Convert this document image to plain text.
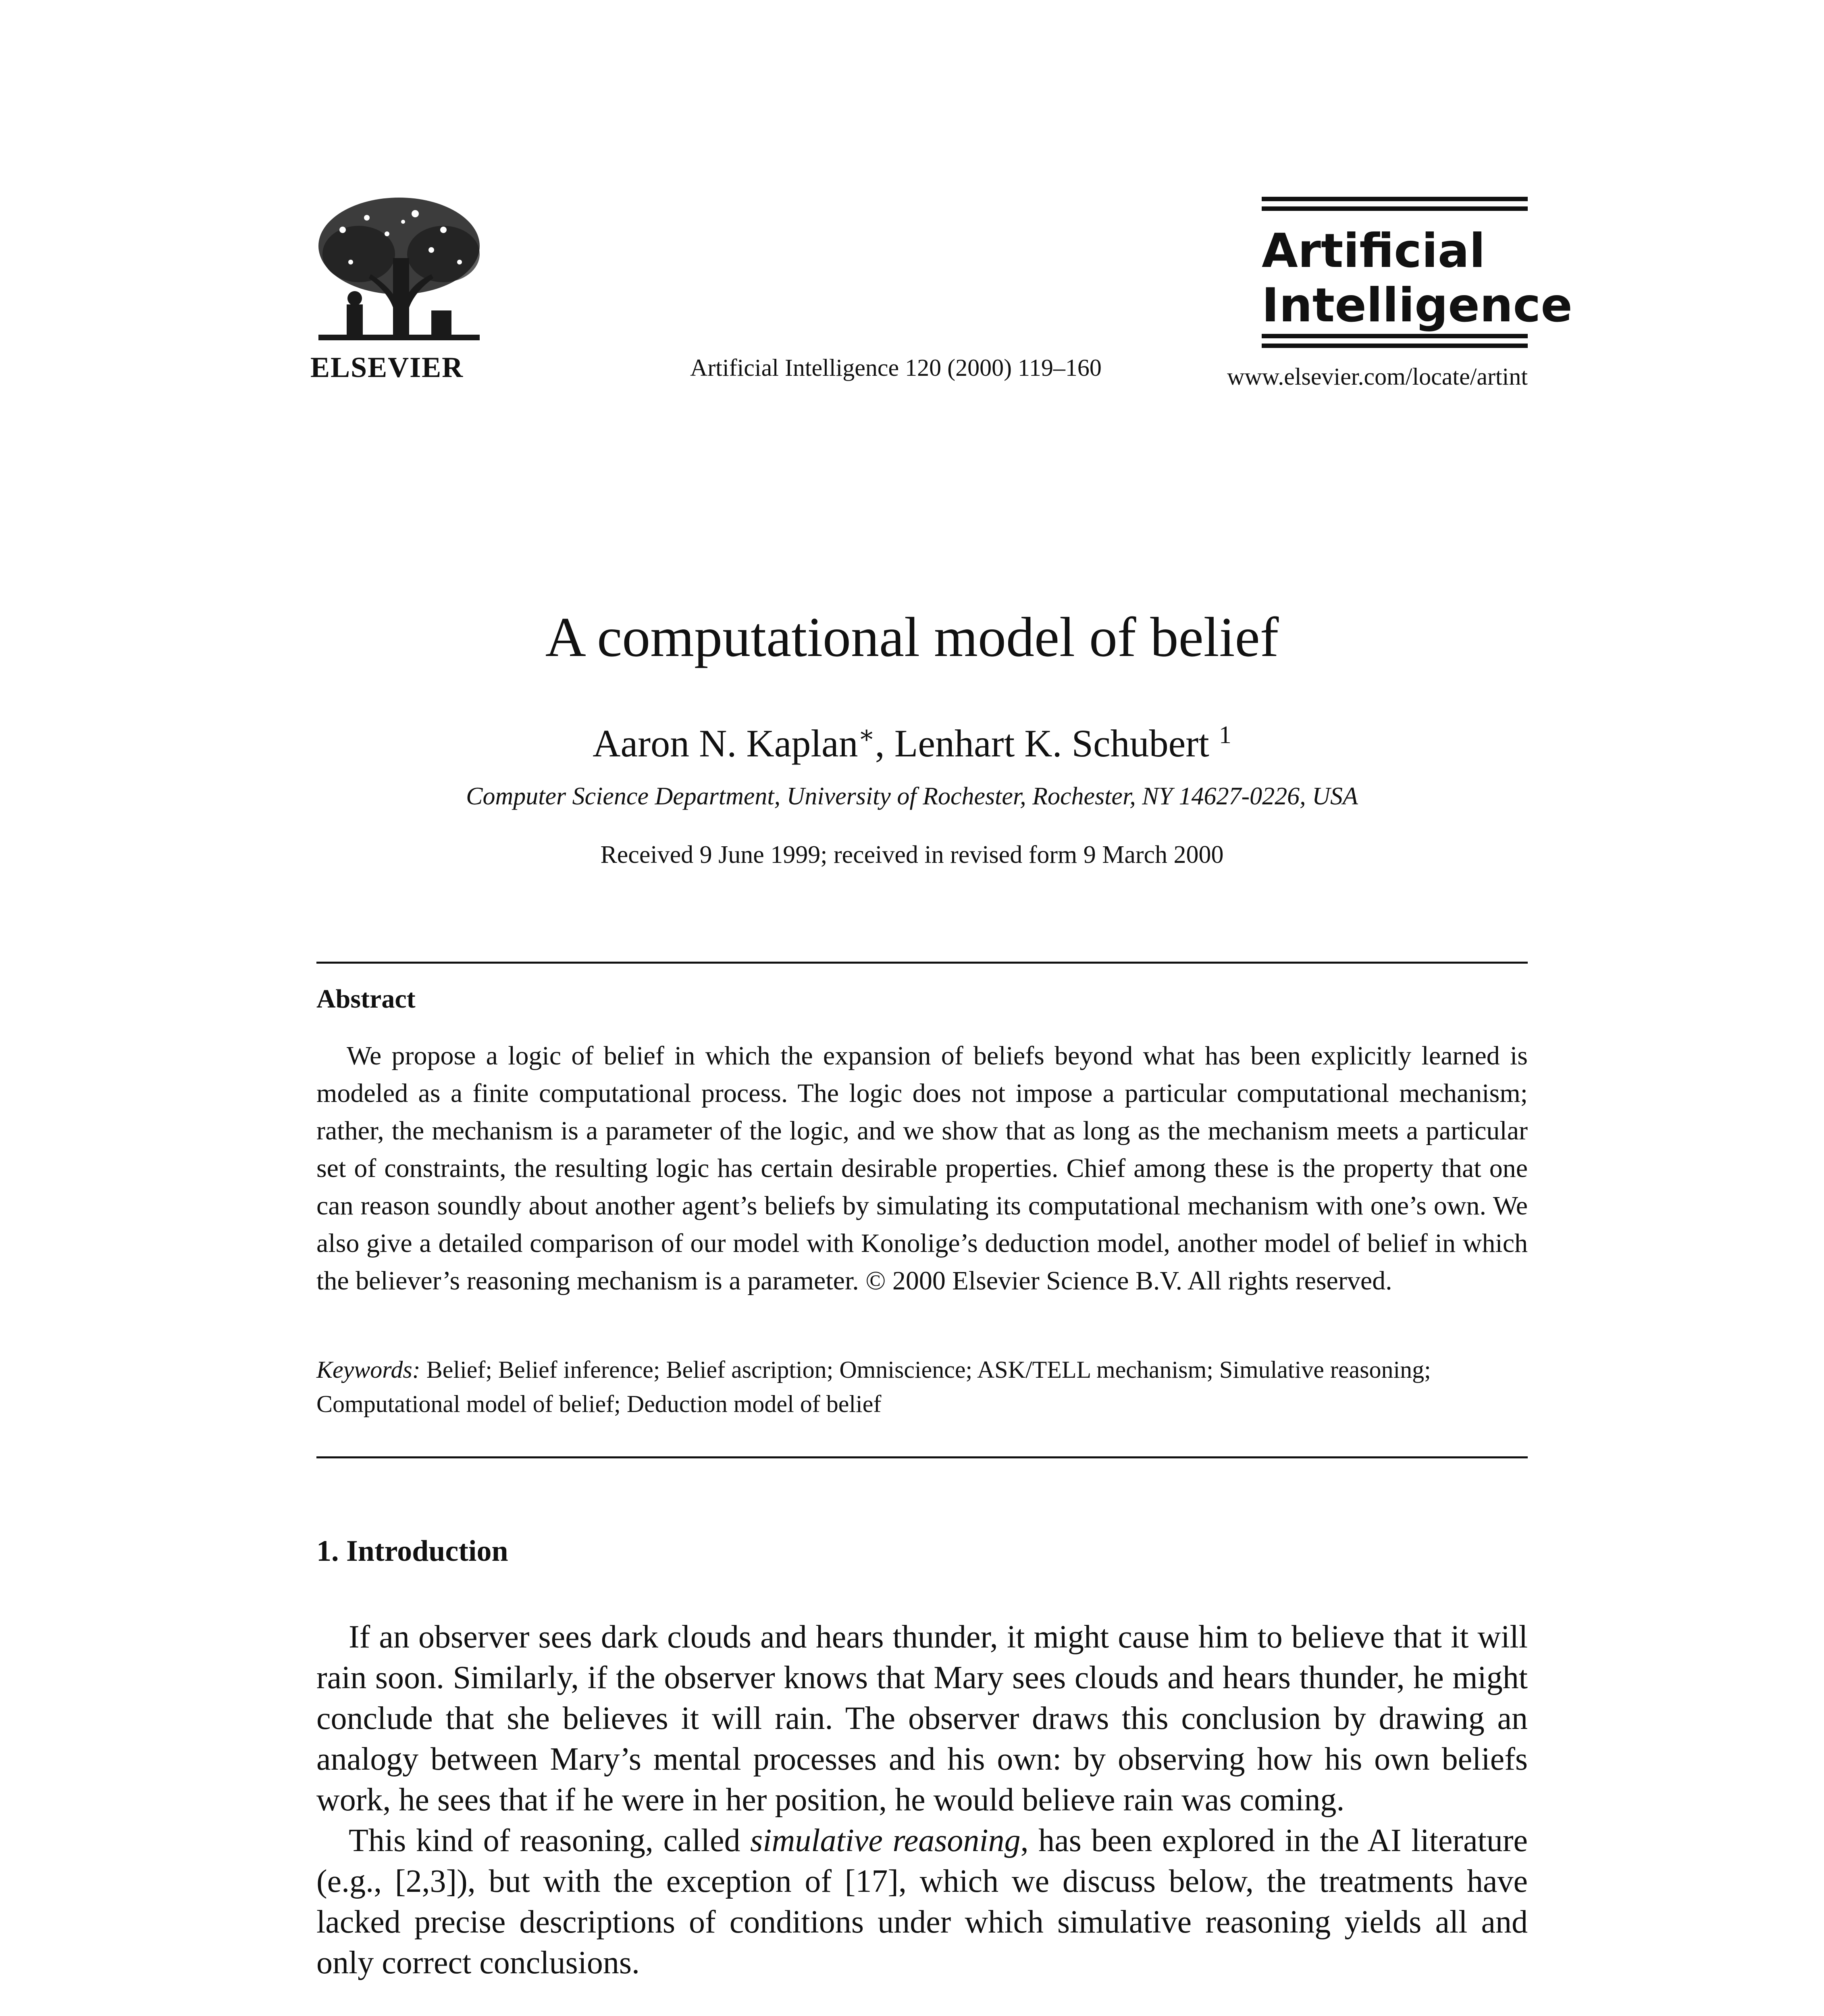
ELSEVIER	Artificial Intelligence 120 (2000) 119–160
Artificial
Intelligence
www.elsevier.com/locate/artint
A computational model of belief
Aaron N. Kaplan∗, Lenhart K. Schubert $^1$
Computer Science Department, University of Rochester, Rochester, NY 14627-0226, USA
Received 9 June 1999; received in revised form 9 March 2000
Abstract
We propose a logic of belief in which the expansion of beliefs beyond what has been explicitly learned is modeled as a finite computational process. The logic does not impose a particular computational mechanism; rather, the mechanism is a parameter of the logic, and we show that as long as the mechanism meets a particular set of constraints, the resulting logic has certain desirable properties. Chief among these is the property that one can reason soundly about another agent’s beliefs by simulating its computational mechanism with one’s own. We also give a detailed comparison of our model with Konolige’s deduction model, another model of belief in which the believer’s reasoning mechanism is a parameter. © 2000 Elsevier Science B.V. All rights reserved.
Keywords: Belief; Belief inference; Belief ascription; Omniscience; ASK/TELL mechanism; Simulative reasoning; Computational model of belief; Deduction model of belief
1. Introduction
If an observer sees dark clouds and hears thunder, it might cause him to believe that it will rain soon. Similarly, if the observer knows that Mary sees clouds and hears thunder, he might conclude that she believes it will rain. The observer draws this conclusion by drawing an analogy between Mary’s mental processes and his own: by observing how his own beliefs work, he sees that if he were in her position, he would believe rain was coming.
This kind of reasoning, called simulative reasoning, has been explored in the AI literature (e.g., [2,3]), but with the exception of [17], which we discuss below, the treatments have lacked precise descriptions of conditions under which simulative reasoning yields all and only correct conclusions.
